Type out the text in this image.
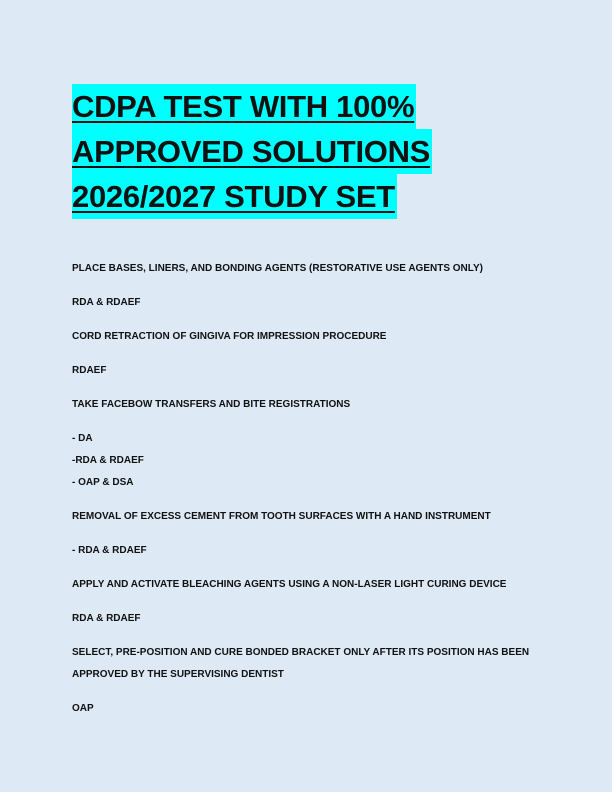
CDPA TEST WITH 100%
APPROVED SOLUTIONS
2026/2027 STUDY SET

PLACE BASES, LINERS, AND BONDING AGENTS (RESTORATIVE USE AGENTS ONLY)

RDA & RDAEF

CORD RETRACTION OF GINGIVA FOR IMPRESSION PROCEDURE

RDAEF

TAKE FACEBOW TRANSFERS AND BITE REGISTRATIONS

- DA

-RDA & RDAEF

- OAP & DSA

REMOVAL OF EXCESS CEMENT FROM TOOTH SURFACES WITH A HAND INSTRUMENT

- RDA & RDAEF

APPLY AND ACTIVATE BLEACHING AGENTS USING A NON-LASER LIGHT CURING DEVICE

RDA & RDAEF

SELECT, PRE-POSITION AND CURE BONDED BRACKET ONLY AFTER ITS POSITION HAS BEEN

APPROVED BY THE SUPERVISING DENTIST

OAP
